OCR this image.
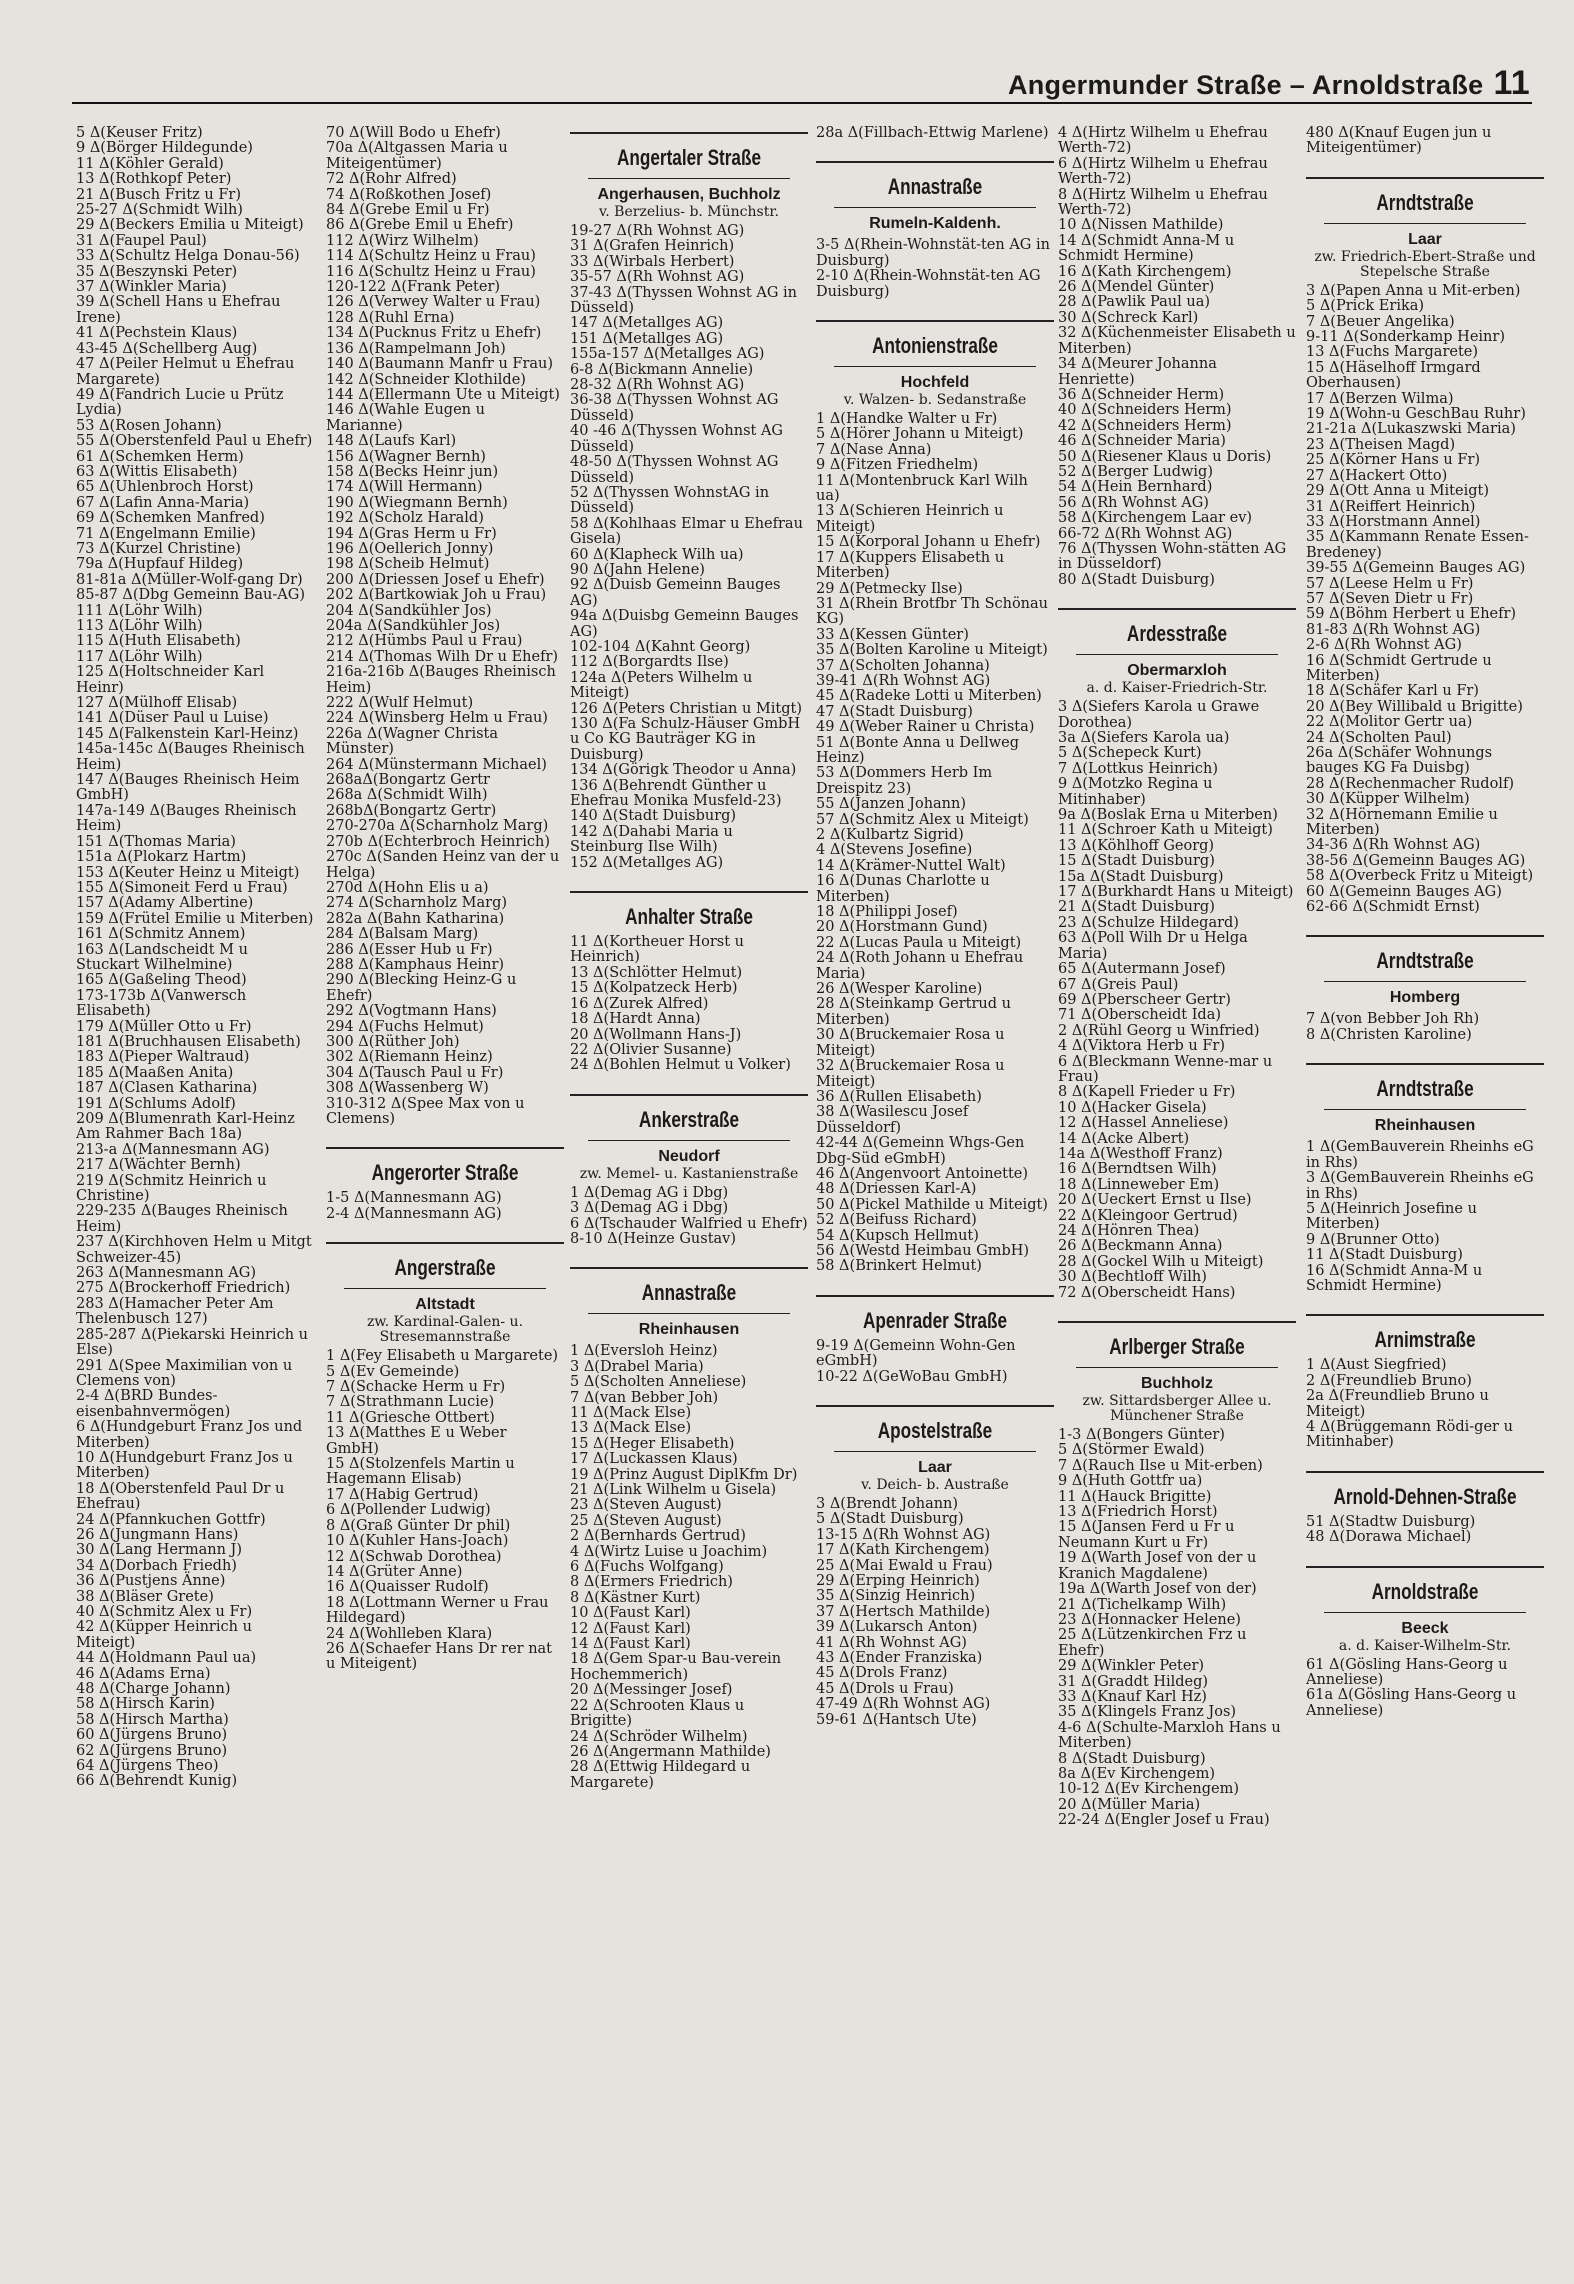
Angermunder Straße – Arnoldstraße 11
5 Δ(Keuser Fritz)
9 Δ(Börger Hildegunde)
11 Δ(Köhler Gerald)
13 Δ(Rothkopf Peter)
21 Δ(Busch Fritz u Fr)
25-27 Δ(Schmidt Wilh)
29 Δ(Beckers Emilia u Miteigt)
31 Δ(Faupel Paul)
33 Δ(Schultz Helga Donau-56)
35 Δ(Beszynski Peter)
37 Δ(Winkler Maria)
39 Δ(Schell Hans u Ehefrau Irene)
41 Δ(Pechstein Klaus)
43-45 Δ(Schellberg Aug)
47 Δ(Peiler Helmut u Ehefrau Margarete)
49 Δ(Fandrich Lucie u Prütz Lydia)
53 Δ(Rosen Johann)
55 Δ(Oberstenfeld Paul u Ehefr)
61 Δ(Schemken Herm)
63 Δ(Wittis Elisabeth)
65 Δ(Uhlenbroch Horst)
67 Δ(Lafin Anna-Maria)
69 Δ(Schemken Manfred)
71 Δ(Engelmann Emilie)
73 Δ(Kurzel Christine)
79a Δ(Hupfauf Hildeg)
81-81a Δ(Müller-Wolf-gang Dr)
85-87 Δ(Dbg Gemeinn Bau-AG)
111 Δ(Löhr Wilh)
113 Δ(Löhr Wilh)
115 Δ(Huth Elisabeth)
117 Δ(Löhr Wilh)
125 Δ(Holtschneider Karl Heinr)
127 Δ(Mülhoff Elisab)
141 Δ(Düser Paul u Luise)
145 Δ(Falkenstein Karl-Heinz)
145a-145c Δ(Bauges Rheinisch Heim)
147 Δ(Bauges Rheinisch Heim GmbH)
147a-149 Δ(Bauges Rheinisch Heim)
151 Δ(Thomas Maria)
151a Δ(Plokarz Hartm)
153 Δ(Keuter Heinz u Miteigt)
155 Δ(Simoneit Ferd u Frau)
157 Δ(Adamy Albertine)
159 Δ(Frütel Emilie u Miterben)
161 Δ(Schmitz Annem)
163 Δ(Landscheidt M u Stuckart Wilhelmine)
165 Δ(Gaßeling Theod)
173-173b Δ(Vanwersch Elisabeth)
179 Δ(Müller Otto u Fr)
181 Δ(Bruchhausen Elisabeth)
183 Δ(Pieper Waltraud)
185 Δ(Maaßen Anita)
187 Δ(Clasen Katharina)
191 Δ(Schlums Adolf)
209 Δ(Blumenrath Karl-Heinz Am Rahmer Bach 18a)
213-a Δ(Mannesmann AG)
217 Δ(Wächter Bernh)
219 Δ(Schmitz Heinrich u Christine)
229-235 Δ(Bauges Rheinisch Heim)
237 Δ(Kirchhoven Helm u Mitgt Schweizer-45)
263 Δ(Mannesmann AG)
275 Δ(Brockerhoff Friedrich)
283 Δ(Hamacher Peter Am Thelenbusch 127)
285-287 Δ(Piekarski Heinrich u Else)
291 Δ(Spee Maximilian von u Clemens von)
2-4 Δ(BRD Bundes-eisenbahnvermögen)
6 Δ(Hundgeburt Franz Jos und Miterben)
10 Δ(Hundgeburt Franz Jos u Miterben)
18 Δ(Oberstenfeld Paul Dr u Ehefrau)
24 Δ(Pfannkuchen Gottfr)
26 Δ(Jungmann Hans)
30 Δ(Lang Hermann J)
34 Δ(Dorbach Friedh)
36 Δ(Pustjens Änne)
38 Δ(Bläser Grete)
40 Δ(Schmitz Alex u Fr)
42 Δ(Küpper Heinrich u Miteigt)
44 Δ(Holdmann Paul ua)
46 Δ(Adams Erna)
48 Δ(Charge Johann)
58 Δ(Hirsch Karin)
58 Δ(Hirsch Martha)
60 Δ(Jürgens Bruno)
62 Δ(Jürgens Bruno)
64 Δ(Jürgens Theo)
66 Δ(Behrendt Kunig)
70 Δ(Will Bodo u Ehefr)
70a Δ(Altgassen Maria u Miteigentümer)
72 Δ(Rohr Alfred)
74 Δ(Roßkothen Josef)
84 Δ(Grebe Emil u Fr)
86 Δ(Grebe Emil u Ehefr)
112 Δ(Wirz Wilhelm)
114 Δ(Schultz Heinz u Frau)
116 Δ(Schultz Heinz u Frau)
120-122 Δ(Frank Peter)
126 Δ(Verwey Walter u Frau)
128 Δ(Ruhl Erna)
134 Δ(Pucknus Fritz u Ehefr)
136 Δ(Rampelmann Joh)
140 Δ(Baumann Manfr u Frau)
142 Δ(Schneider Klothilde)
144 Δ(Ellermann Ute u Miteigt)
146 Δ(Wahle Eugen u Marianne)
148 Δ(Laufs Karl)
156 Δ(Wagner Bernh)
158 Δ(Becks Heinr jun)
174 Δ(Will Hermann)
190 Δ(Wiegmann Bernh)
192 Δ(Scholz Harald)
194 Δ(Gras Herm u Fr)
196 Δ(Oellerich Jonny)
198 Δ(Scheib Helmut)
200 Δ(Driessen Josef u Ehefr)
202 Δ(Bartkowiak Joh u Frau)
204 Δ(Sandkühler Jos)
204a Δ(Sandkühler Jos)
212 Δ(Hümbs Paul u Frau)
214 Δ(Thomas Wilh Dr u Ehefr)
216a-216b Δ(Bauges Rheinisch Heim)
222 Δ(Wulf Helmut)
224 Δ(Winsberg Helm u Frau)
226a Δ(Wagner Christa Münster)
264 Δ(Münstermann Michael)
268aΔ(Bongartz Gertr
268a Δ(Schmidt Wilh)
268bΔ(Bongartz Gertr)
270-270a Δ(Scharnholz Marg)
270b Δ(Echterbroch Heinrich)
270c Δ(Sanden Heinz van der u Helga)
270d Δ(Hohn Elis u a)
274 Δ(Scharnholz Marg)
282a Δ(Bahn Katharina)
284 Δ(Balsam Marg)
286 Δ(Esser Hub u Fr)
288 Δ(Kamphaus Heinr)
290 Δ(Blecking Heinz-G u Ehefr)
292 Δ(Vogtmann Hans)
294 Δ(Fuchs Helmut)
300 Δ(Rüther Joh)
302 Δ(Riemann Heinz)
304 Δ(Tausch Paul u Fr)
308 Δ(Wassenberg W)
310-312 Δ(Spee Max von u Clemens)
Angerorter Straße
1-5 Δ(Mannesmann AG)
2-4 Δ(Mannesmann AG)
Angerstraße
Altstadt
zw. Kardinal-Galen- u. Stresemannstraße
1 Δ(Fey Elisabeth u Margarete)
5 Δ(Ev Gemeinde)
7 Δ(Schacke Herm u Fr)
7 Δ(Strathmann Lucie)
11 Δ(Griesche Ottbert)
13 Δ(Matthes E u Weber GmbH)
15 Δ(Stolzenfels Martin u Hagemann Elisab)
17 Δ(Habig Gertrud)
6 Δ(Pollender Ludwig)
8 Δ(Graß Günter Dr phil)
10 Δ(Kuhler Hans-Joach)
12 Δ(Schwab Dorothea)
14 Δ(Grüter Anne)
16 Δ(Quaisser Rudolf)
18 Δ(Lottmann Werner u Frau Hildegard)
24 Δ(Wohlleben Klara)
26 Δ(Schaefer Hans Dr rer nat u Miteigent)
Angertaler Straße
Angerhausen, Buchholz
v. Berzelius- b. Münchstr.
19-27 Δ(Rh Wohnst AG)
31 Δ(Grafen Heinrich)
33 Δ(Wirbals Herbert)
35-57 Δ(Rh Wohnst AG)
37-43 Δ(Thyssen Wohnst AG in Düsseld)
147 Δ(Metallges AG)
151 Δ(Metallges AG)
155a-157 Δ(Metallges AG)
6-8 Δ(Bickmann Annelie)
28-32 Δ(Rh Wohnst AG)
36-38 Δ(Thyssen Wohnst AG Düsseld)
40 -46 Δ(Thyssen Wohnst AG Düsseld)
48-50 Δ(Thyssen Wohnst AG Düsseld)
52 Δ(Thyssen WohnstAG in Düsseld)
58 Δ(Kohlhaas Elmar u Ehefrau Gisela)
60 Δ(Klapheck Wilh ua)
90 Δ(Jahn Helene)
92 Δ(Duisb Gemeinn Bauges AG)
94a Δ(Duisbg Gemeinn Bauges AG)
102-104 Δ(Kahnt Georg)
112 Δ(Borgardts Ilse)
124a Δ(Peters Wilhelm u Miteigt)
126 Δ(Peters Christian u Mitgt)
130 Δ(Fa Schulz-Häuser GmbH u Co KG Bauträger KG in Duisburg)
134 Δ(Görigk Theodor u Anna)
136 Δ(Behrendt Günther u Ehefrau Monika Musfeld-23)
140 Δ(Stadt Duisburg)
142 Δ(Dahabi Maria u Steinburg Ilse Wilh)
152 Δ(Metallges AG)
Anhalter Straße
11 Δ(Kortheuer Horst u Heinrich)
13 Δ(Schlötter Helmut)
15 Δ(Kolpatzeck Herb)
16 Δ(Zurek Alfred)
18 Δ(Hardt Anna)
20 Δ(Wollmann Hans-J)
22 Δ(Olivier Susanne)
24 Δ(Bohlen Helmut u Volker)
Ankerstraße
Neudorf
zw. Memel- u. Kastanienstraße
1 Δ(Demag AG i Dbg)
3 Δ(Demag AG i Dbg)
6 Δ(Tschauder Walfried u Ehefr)
8-10 Δ(Heinze Gustav)
Annastraße
Rheinhausen
1 Δ(Eversloh Heinz)
3 Δ(Drabel Maria)
5 Δ(Scholten Anneliese)
7 Δ(van Bebber Joh)
11 Δ(Mack Else)
13 Δ(Mack Else)
15 Δ(Heger Elisabeth)
17 Δ(Luckassen Klaus)
19 Δ(Prinz August DiplKfm Dr)
21 Δ(Link Wilhelm u Gisela)
23 Δ(Steven August)
25 Δ(Steven August)
2 Δ(Bernhards Gertrud)
4 Δ(Wirtz Luise u Joachim)
6 Δ(Fuchs Wolfgang)
8 Δ(Ermers Friedrich)
8 Δ(Kästner Kurt)
10 Δ(Faust Karl)
12 Δ(Faust Karl)
14 Δ(Faust Karl)
18 Δ(Gem Spar-u Bau-verein Hochemmerich)
20 Δ(Messinger Josef)
22 Δ(Schrooten Klaus u Brigitte)
24 Δ(Schröder Wilhelm)
26 Δ(Angermann Mathilde)
28 Δ(Ettwig Hildegard u Margarete)
28a Δ(Fillbach-Ettwig Marlene)
Annastraße
Rumeln-Kaldenh.
3-5 Δ(Rhein-Wohnstät-ten AG in Duisburg)
2-10 Δ(Rhein-Wohnstät-ten AG Duisburg)
Antonienstraße
Hochfeld
v. Walzen- b. Sedanstraße
1 Δ(Handke Walter u Fr)
5 Δ(Hörer Johann u Miteigt)
7 Δ(Nase Anna)
9 Δ(Fitzen Friedhelm)
11 Δ(Montenbruck Karl Wilh ua)
13 Δ(Schieren Heinrich u Miteigt)
15 Δ(Korporal Johann u Ehefr)
17 Δ(Kuppers Elisabeth u Miterben)
29 Δ(Petmecky Ilse)
31 Δ(Rhein Brotfbr Th Schönau KG)
33 Δ(Kessen Günter)
35 Δ(Bolten Karoline u Miteigt)
37 Δ(Scholten Johanna)
39-41 Δ(Rh Wohnst AG)
45 Δ(Radeke Lotti u Miterben)
47 Δ(Stadt Duisburg)
49 Δ(Weber Rainer u Christa)
51 Δ(Bonte Anna u Dellweg Heinz)
53 Δ(Dommers Herb Im Dreispitz 23)
55 Δ(Janzen Johann)
57 Δ(Schmitz Alex u Miteigt)
2 Δ(Kulbartz Sigrid)
4 Δ(Stevens Josefine)
14 Δ(Krämer-Nuttel Walt)
16 Δ(Dunas Charlotte u Miterben)
18 Δ(Philippi Josef)
20 Δ(Horstmann Gund)
22 Δ(Lucas Paula u Miteigt)
24 Δ(Roth Johann u Ehefrau Maria)
26 Δ(Wesper Karoline)
28 Δ(Steinkamp Gertrud u Miterben)
30 Δ(Bruckemaier Rosa u Miteigt)
32 Δ(Bruckemaier Rosa u Miteigt)
36 Δ(Rullen Elisabeth)
38 Δ(Wasilescu Josef Düsseldorf)
42-44 Δ(Gemeinn Whgs-Gen Dbg-Süd eGmbH)
46 Δ(Angenvoort Antoinette)
48 Δ(Driessen Karl-A)
50 Δ(Pickel Mathilde u Miteigt)
52 Δ(Beifuss Richard)
54 Δ(Kupsch Hellmut)
56 Δ(Westd Heimbau GmbH)
58 Δ(Brinkert Helmut)
Apenrader Straße
9-19 Δ(Gemeinn Wohn-Gen eGmbH)
10-22 Δ(GeWoBau GmbH)
Apostelstraße
Laar
v. Deich- b. Austraße
3 Δ(Brendt Johann)
5 Δ(Stadt Duisburg)
13-15 Δ(Rh Wohnst AG)
17 Δ(Kath Kirchengem)
25 Δ(Mai Ewald u Frau)
29 Δ(Erping Heinrich)
35 Δ(Sinzig Heinrich)
37 Δ(Hertsch Mathilde)
39 Δ(Lukarsch Anton)
41 Δ(Rh Wohnst AG)
43 Δ(Ender Franziska)
45 Δ(Drols Franz)
45 Δ(Drols u Frau)
47-49 Δ(Rh Wohnst AG)
59-61 Δ(Hantsch Ute)
4 Δ(Hirtz Wilhelm u Ehefrau Werth-72)
6 Δ(Hirtz Wilhelm u Ehefrau Werth-72)
8 Δ(Hirtz Wilhelm u Ehefrau Werth-72)
10 Δ(Nissen Mathilde)
14 Δ(Schmidt Anna-M u Schmidt Hermine)
16 Δ(Kath Kirchengem)
26 Δ(Mendel Günter)
28 Δ(Pawlik Paul ua)
30 Δ(Schreck Karl)
32 Δ(Küchenmeister Elisabeth u Miterben)
34 Δ(Meurer Johanna Henriette)
36 Δ(Schneider Herm)
40 Δ(Schneiders Herm)
42 Δ(Schneiders Herm)
46 Δ(Schneider Maria)
50 Δ(Riesener Klaus u Doris)
52 Δ(Berger Ludwig)
54 Δ(Hein Bernhard)
56 Δ(Rh Wohnst AG)
58 Δ(Kirchengem Laar ev)
66-72 Δ(Rh Wohnst AG)
76 Δ(Thyssen Wohn-stätten AG in Düsseldorf)
80 Δ(Stadt Duisburg)
Ardesstraße
Obermarxloh
a. d. Kaiser-Friedrich-Str.
3 Δ(Siefers Karola u Grawe Dorothea)
3a Δ(Siefers Karola ua)
5 Δ(Schepeck Kurt)
7 Δ(Lottkus Heinrich)
9 Δ(Motzko Regina u Mitinhaber)
9a Δ(Boslak Erna u Miterben)
11 Δ(Schroer Kath u Miteigt)
13 Δ(Köhlhoff Georg)
15 Δ(Stadt Duisburg)
15a Δ(Stadt Duisburg)
17 Δ(Burkhardt Hans u Miteigt)
21 Δ(Stadt Duisburg)
23 Δ(Schulze Hildegard)
63 Δ(Poll Wilh Dr u Helga Maria)
65 Δ(Autermann Josef)
67 Δ(Greis Paul)
69 Δ(Pberscheer Gertr)
71 Δ(Oberscheidt Ida)
2 Δ(Rühl Georg u Winfried)
4 Δ(Viktora Herb u Fr)
6 Δ(Bleckmann Wenne-mar u Frau)
8 Δ(Kapell Frieder u Fr)
10 Δ(Hacker Gisela)
12 Δ(Hassel Anneliese)
14 Δ(Acke Albert)
14a Δ(Westhoff Franz)
16 Δ(Berndtsen Wilh)
18 Δ(Linneweber Em)
20 Δ(Ueckert Ernst u Ilse)
22 Δ(Kleingoor Gertrud)
24 Δ(Hönren Thea)
26 Δ(Beckmann Anna)
28 Δ(Gockel Wilh u Miteigt)
30 Δ(Bechtloff Wilh)
72 Δ(Oberscheidt Hans)
Arlberger Straße
Buchholz
zw. Sittardsberger Allee u. Münchener Straße
1-3 Δ(Bongers Günter)
5 Δ(Störmer Ewald)
7 Δ(Rauch Ilse u Mit-erben)
9 Δ(Huth Gottfr ua)
11 Δ(Hauck Brigitte)
13 Δ(Friedrich Horst)
15 Δ(Jansen Ferd u Fr u Neumann Kurt u Fr)
19 Δ(Warth Josef von der u Kranich Magdalene)
19a Δ(Warth Josef von der)
21 Δ(Tichelkamp Wilh)
23 Δ(Honnacker Helene)
25 Δ(Lützenkirchen Frz u Ehefr)
29 Δ(Winkler Peter)
31 Δ(Graddt Hildeg)
33 Δ(Knauf Karl Hz)
35 Δ(Klingels Franz Jos)
4-6 Δ(Schulte-Marxloh Hans u Miterben)
8 Δ(Stadt Duisburg)
8a Δ(Ev Kirchengem)
10-12 Δ(Ev Kirchengem)
20 Δ(Müller Maria)
22-24 Δ(Engler Josef u Frau)
480 Δ(Knauf Eugen jun u Miteigentümer)
Arndtstraße
Laar
zw. Friedrich-Ebert-Straße und Stepelsche Straße
3 Δ(Papen Anna u Mit-erben)
5 Δ(Prick Erika)
7 Δ(Beuer Angelika)
9-11 Δ(Sonderkamp Heinr)
13 Δ(Fuchs Margarete)
15 Δ(Häselhoff Irmgard Oberhausen)
17 Δ(Berzen Wilma)
19 Δ(Wohn-u GeschBau Ruhr)
21-21a Δ(Lukaszwski Maria)
23 Δ(Theisen Magd)
25 Δ(Körner Hans u Fr)
27 Δ(Hackert Otto)
29 Δ(Ott Anna u Miteigt)
31 Δ(Reiffert Heinrich)
33 Δ(Horstmann Annel)
35 Δ(Kammann Renate Essen-Bredeney)
39-55 Δ(Gemeinn Bauges AG)
57 Δ(Leese Helm u Fr)
57 Δ(Seven Dietr u Fr)
59 Δ(Böhm Herbert u Ehefr)
81-83 Δ(Rh Wohnst AG)
2-6 Δ(Rh Wohnst AG)
16 Δ(Schmidt Gertrude u Miterben)
18 Δ(Schäfer Karl u Fr)
20 Δ(Bey Willibald u Brigitte)
22 Δ(Molitor Gertr ua)
24 Δ(Scholten Paul)
26a Δ(Schäfer Wohnungs bauges KG Fa Duisbg)
28 Δ(Rechenmacher Rudolf)
30 Δ(Küpper Wilhelm)
32 Δ(Hörnemann Emilie u Miterben)
34-36 Δ(Rh Wohnst AG)
38-56 Δ(Gemeinn Bauges AG)
58 Δ(Overbeck Fritz u Miteigt)
60 Δ(Gemeinn Bauges AG)
62-66 Δ(Schmidt Ernst)
Arndtstraße
Homberg
7 Δ(von Bebber Joh Rh)
8 Δ(Christen Karoline)
Arndtstraße
Rheinhausen
1 Δ(GemBauverein Rheinhs eG in Rhs)
3 Δ(GemBauverein Rheinhs eG in Rhs)
5 Δ(Heinrich Josefine u Miterben)
9 Δ(Brunner Otto)
11 Δ(Stadt Duisburg)
16 Δ(Schmidt Anna-M u Schmidt Hermine)
Arnimstraße
1 Δ(Aust Siegfried)
2 Δ(Freundlieb Bruno)
2a Δ(Freundlieb Bruno u Miteigt)
4 Δ(Brüggemann Rödi-ger u Mitinhaber)
Arnold-Dehnen-Straße
51 Δ(Stadtw Duisburg)
48 Δ(Dorawa Michael)
Arnoldstraße
Beeck
a. d. Kaiser-Wilhelm-Str.
61 Δ(Gösling Hans-Georg u Anneliese)
61a Δ(Gösling Hans-Georg u Anneliese)
